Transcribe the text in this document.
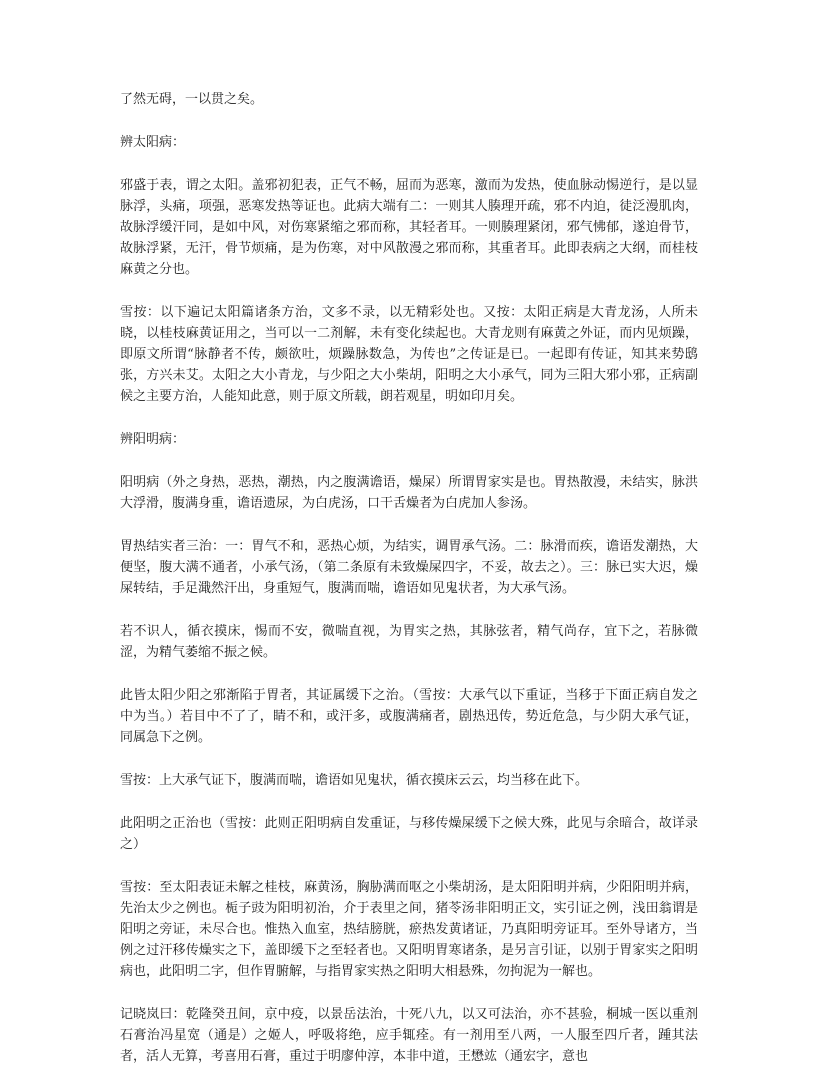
了然无碍，一以贯之矣。

辨太阳病：

邪盛于表，谓之太阳。盖邪初犯表，正气不畅，屈而为恶寒，激而为发热，使血脉动惕逆行，是以显脉浮，头痛，项强，恶寒发热等证也。此病大端有二：一则其人腠理开疏，邪不内迫，徒泛漫肌肉，故脉浮缓汗同，是如中风，对伤寒紧缩之邪而称，其轻者耳。一则腠理紧闭，邪气怫郁，遂迫骨节，故脉浮紧，无汗，骨节烦痛，是为伤寒，对中风散漫之邪而称，其重者耳。此即表病之大纲，而桂枝麻黄之分也。

雪按：以下遍记太阳篇诸条方治，文多不录，以无精彩处也。又按：太阳正病是大青龙汤，人所未晓，以桂枝麻黄证用之，当可以一二剂解，未有变化续起也。大青龙则有麻黄之外证，而内见烦躁，即原文所谓“脉静者不传，颇欲吐，烦躁脉数急，为传也”之传证是已。一起即有传证，知其来势鸱张，方兴未艾。太阳之大小青龙，与少阳之大小柴胡，阳明之大小承气，同为三阳大邪小邪，正病副候之主要方治，人能知此意，则于原文所载，朗若观星，明如印月矣。

辨阳明病：

阳明病（外之身热，恶热，潮热，内之腹满谵语，燥屎）所谓胃家实是也。胃热散漫，未结实，脉洪大浮滑，腹满身重，谵语遗尿，为白虎汤，口干舌燥者为白虎加人参汤。

胃热结实者三治：一：胃气不和，恶热心烦，为结实，调胃承气汤。二：脉滑而疾，谵语发潮热，大便坚，腹大满不通者，小承气汤，（第二条原有未致燥屎四字，不妥，故去之）。三：脉已实大迟，燥屎转结，手足濈然汗出，身重短气，腹满而喘，谵语如见鬼状者，为大承气汤。

若不识人，循衣摸床，惕而不安，微喘直视，为胃实之热，其脉弦者，精气尚存，宜下之，若脉微涩，为精气萎缩不振之候。

此皆太阳少阳之邪渐陷于胃者，其证属缓下之治。（雪按：大承气以下重证，当移于下面正病自发之中为当。）若目中不了了，睛不和，或汗多，或腹满痛者，剧热迅传，势近危急，与少阴大承气证，同属急下之例。

雪按：上大承气证下，腹满而喘，谵语如见鬼状，循衣摸床云云，均当移在此下。

此阳明之正治也（雪按：此则正阳明病自发重证，与移传燥屎缓下之候大殊，此见与余暗合，故详录之）

雪按：至太阳表证未解之桂枝，麻黄汤，胸胁满而呕之小柴胡汤，是太阳阳明并病，少阳阳明并病，先治太少之例也。栀子豉为阳明初治，介于表里之间，猪苓汤非阳明正文，实引证之例，浅田翁谓是阳明之旁证，未尽合也。惟热入血室，热结膀胱，瘀热发黄诸证，乃真阳明旁证耳。至外导诸方，当例之过汗移传燥实之下，盖即缓下之至轻者也。又阳明胃寒诸条，是另言引证，以别于胃家实之阳明病也，此阳明二字，但作胃腑解，与指胃家实热之阳明大相悬殊，勿拘泥为一解也。

记晓岚曰：乾隆癸丑间，京中疫，以景岳法治，十死八九，以又可法治，亦不甚验，桐城一医以重剂石膏治冯星宽（通是）之姬人，呼吸将绝，应手辄痊。有一剂用至八两，一人服至四斤者，踵其法者，活人无算，考喜用石膏，重过于明廖仲淳，本非中道，王懋竑（通宏字，意也
